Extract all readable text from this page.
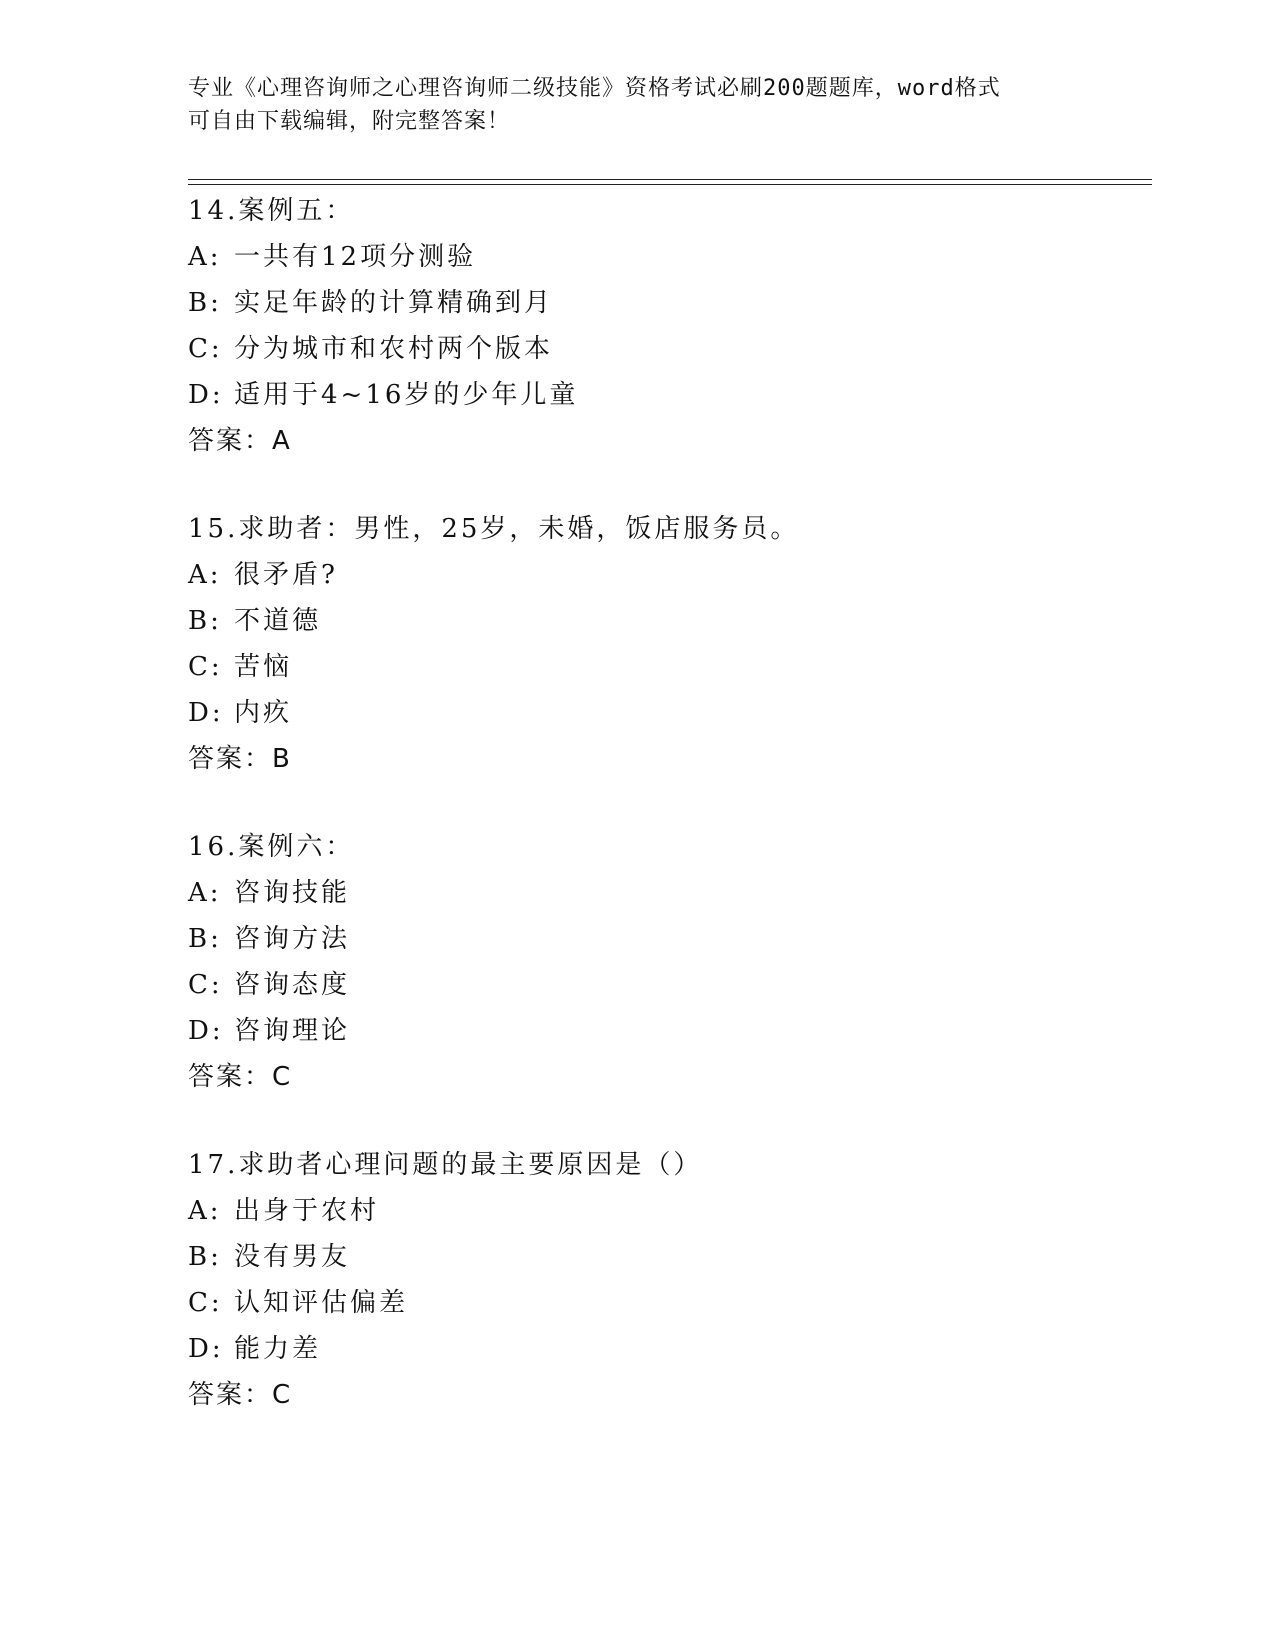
专业《心理咨询师之心理咨询师二级技能》资格考试必刷200题题库，word格式
可自由下载编辑，附完整答案！
14.案例五：
A: 一共有12项分测验
B: 实足年龄的计算精确到月
C: 分为城市和农村两个版本
D: 适用于4~16岁的少年儿童
答案：A
15.求助者：男性，25岁，未婚，饭店服务员。
A: 很矛盾?
B: 不道德
C: 苦恼
D: 内疚
答案：B
16.案例六：
A: 咨询技能
B: 咨询方法
C: 咨询态度
D: 咨询理论
答案：C
17.求助者心理问题的最主要原因是（）
A: 出身于农村
B: 没有男友
C: 认知评估偏差
D: 能力差
答案：C
